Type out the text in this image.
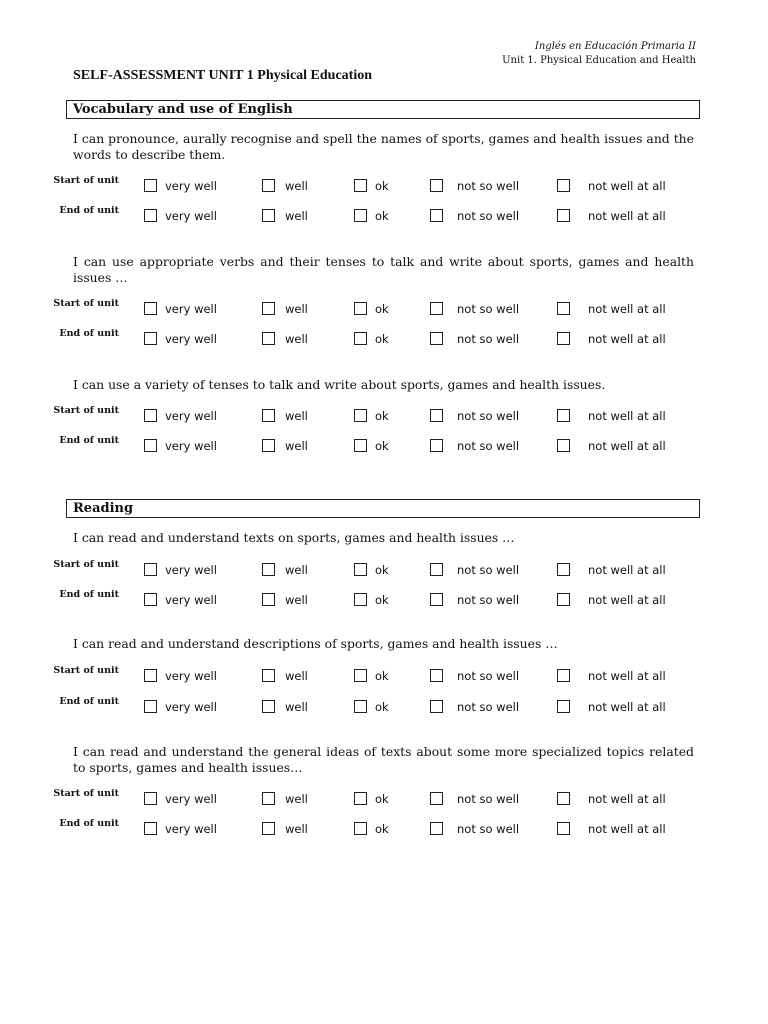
Inglés en Educación Primaria II
Unit 1. Physical Education and Health
SELF-ASSESSMENT UNIT 1 Physical Education
Vocabulary and use of English
I can pronounce, aurally recognise and spell the names of sports, games and health issues and the words to describe them.
Start of unit	very well	well	ok	not so well	not well at all
End of unit	very well	well	ok	not so well	not well at all
I can use appropriate verbs and their tenses to talk and write about sports, games and health issues …
Start of unit	very well	well	ok	not so well	not well at all
End of unit	very well	well	ok	not so well	not well at all
I can use a variety of tenses to talk and write about sports, games and health issues.
Start of unit	very well	well	ok	not so well	not well at all
End of unit	very well	well	ok	not so well	not well at all
Reading
I can read and understand texts on sports, games and health issues …
Start of unit	very well	well	ok	not so well	not well at all
End of unit	very well	well	ok	not so well	not well at all
I can read and understand descriptions of sports, games and health issues …
Start of unit	very well	well	ok	not so well	not well at all
End of unit	very well	well	ok	not so well	not well at all
I can read and understand the general ideas of texts about some more specialized topics related to sports, games and health issues…
Start of unit	very well	well	ok	not so well	not well at all
End of unit	very well	well	ok	not so well	not well at all
